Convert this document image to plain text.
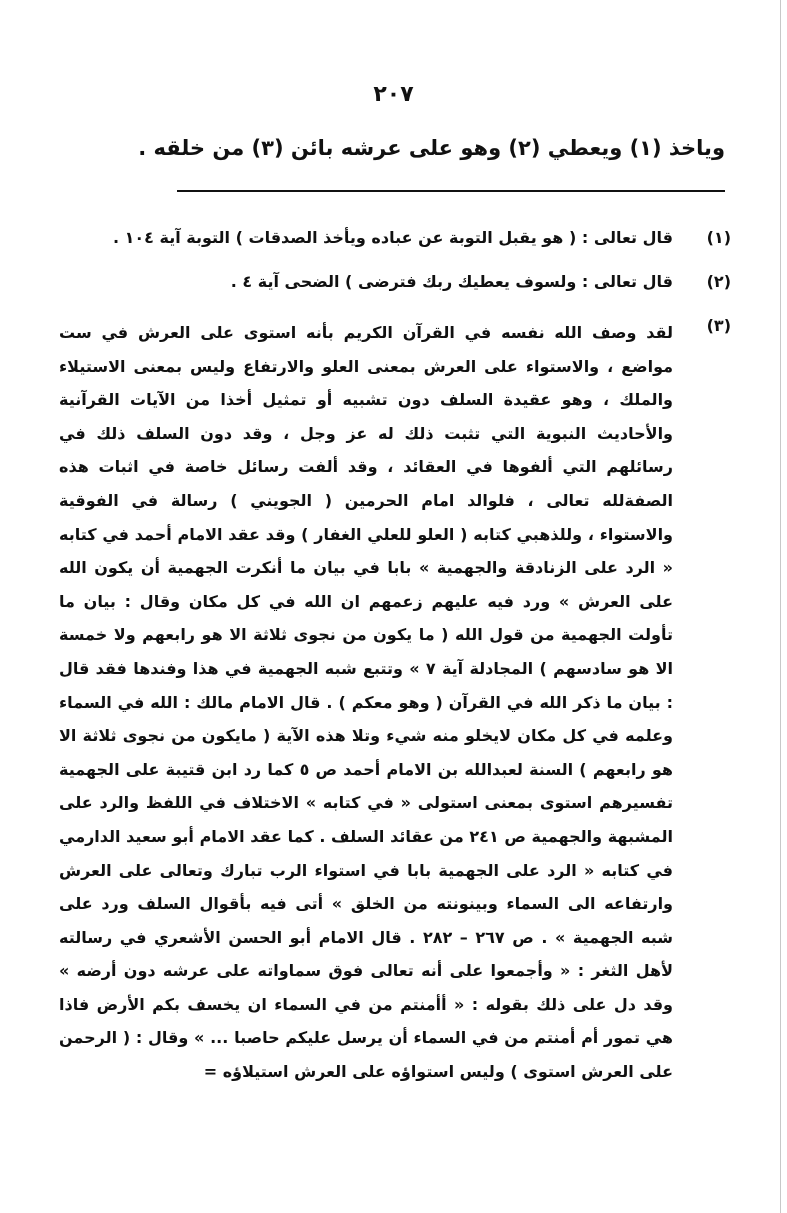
٢٠٧
وياخذ (١) ويعطي (٢) وهو على عرشه بائن (٣) من خلقه .
(١)
قال تعالى : ( هو يقبل التوبة عن عباده ويأخذ الصدقات ) التوبة آية ١٠٤ .
(٢)
قال تعالى : ولسوف يعطيك ربك فترضى ) الضحى آية ٤ .
(٣)
لقد وصف الله نفسه في القرآن الكريم بأنه استوى على العرش في ست مواضع ، والاستواء على العرش بمعنى العلو والارتفاع وليس بمعنى الاستيلاء والملك ، وهو عقيدة السلف دون تشبيه أو تمثيل أخذا من الآيات القرآنية والأحاديث النبوية التي تثبت ذلك له عز وجل ، وقد دون السلف ذلك في رسائلهم التي ألفوها في العقائد ، وقد ألفت رسائل خاصة في اثبات هذه الصفةلله تعالى ، فلوالد امام الحرمين ( الجويني ) رسالة في الفوقية والاستواء ، وللذهبي كتابه ( العلو للعلي الغفار ) وقد عقد الامام أحمد في كتابه « الرد على الزنادقة والجهمية » بابا في بيان ما أنكرت الجهمية أن يكون الله على العرش » ورد فيه عليهم زعمهم ان الله في كل مكان وقال : بيان ما تأولت الجهمية من قول الله ( ما يكون من نجوى ثلاثة الا هو رابعهم ولا خمسة الا هو سادسهم ) المجادلة آية ٧ » وتتبع شبه الجهمية في هذا وفندها فقد قال : بيان ما ذكر الله في القرآن ( وهو معكم ) . قال الامام مالك : الله في السماء وعلمه في كل مكان لايخلو منه شيء وتلا هذه الآية ( مايكون من نجوى ثلاثة الا هو رابعهم ) السنة لعبدالله بن الامام أحمد ص ٥ كما رد ابن قتيبة على الجهمية تفسيرهم استوى بمعنى استولى « في كتابه » الاختلاف في اللفظ والرد على المشبهة والجهمية ص ٢٤١ من عقائد السلف . كما عقد الامام أبو سعيد الدارمي في كتابه « الرد على الجهمية بابا في استواء الرب تبارك وتعالى على العرش وارتفاعه الى السماء وبينونته من الخلق » أتى فيه بأقوال السلف ورد على شبه الجهمية » . ص ٢٦٧ – ٢٨٢ . قال الامام أبو الحسن الأشعري في رسالته لأهل الثغر : « وأجمعوا على أنه تعالى فوق سماواته على عرشه دون أرضه » وقد دل على ذلك بقوله : « أأمنتم من في السماء ان يخسف بكم الأرض فاذا هي تمور أم أمنتم من في السماء أن يرسل عليكم حاصبا ... » وقال : ( الرحمن على العرش استوى ) وليس استواؤه على العرش استيلاؤه =
